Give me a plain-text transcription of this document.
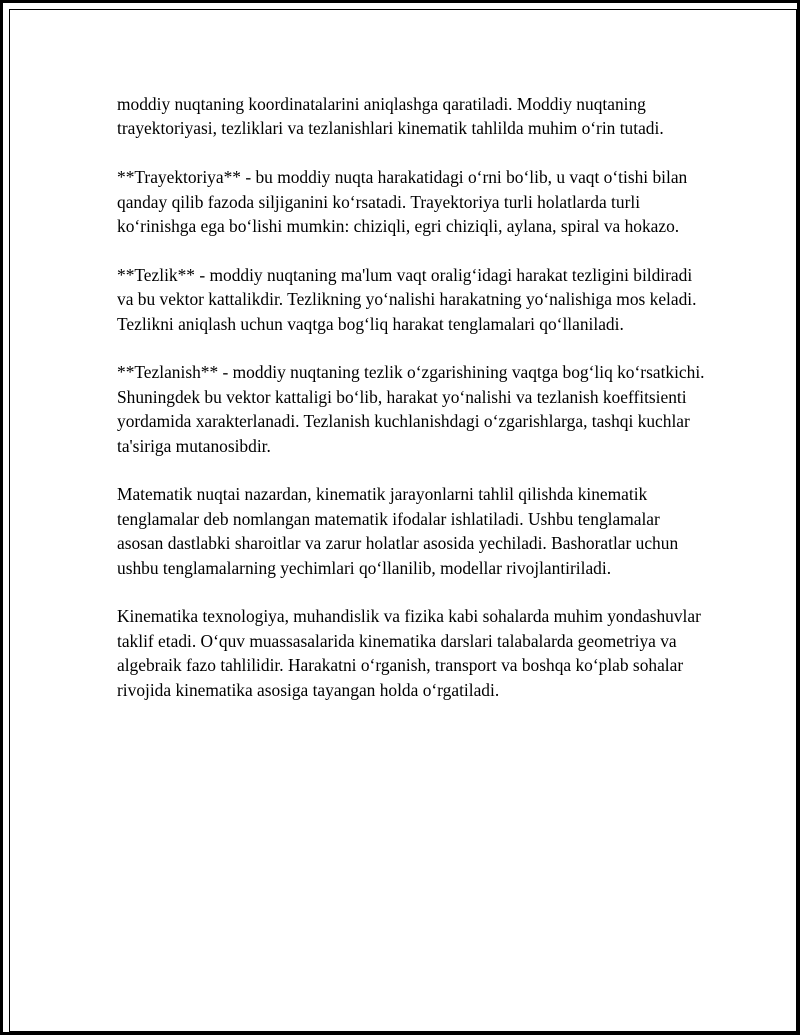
moddiy nuqtaning koordinatalarini aniqlashga qaratiladi. Moddiy nuqtaning trayektoriyasi, tezliklari va tezlanishlari kinematik tahlilda muhim o‘rin tutadi.

**Trayektoriya** - bu moddiy nuqta harakatidagi o‘rni bo‘lib, u vaqt o‘tishi bilan qanday qilib fazoda siljiganini ko‘rsatadi. Trayektoriya turli holatlarda turli ko‘rinishga ega bo‘lishi mumkin: chiziqli, egri chiziqli, aylana, spiral va hokazo.

**Tezlik** - moddiy nuqtaning ma'lum vaqt oralig‘idagi harakat tezligini bildiradi va bu vektor kattalikdir. Tezlikning yo‘nalishi harakatning yo‘nalishiga mos keladi. Tezlikni aniqlash uchun vaqtga bog‘liq harakat tenglamalari qo‘llaniladi.

**Tezlanish** - moddiy nuqtaning tezlik o‘zgarishining vaqtga bog‘liq ko‘rsatkichi. Shuningdek bu vektor kattaligi bo‘lib, harakat yo‘nalishi va tezlanish koeffitsienti yordamida xarakterlanadi. Tezlanish kuchlanishdagi o‘zgarishlarga, tashqi kuchlar ta'siriga mutanosibdir.

Matematik nuqtai nazardan, kinematik jarayonlarni tahlil qilishda kinematik tenglamalar deb nomlangan matematik ifodalar ishlatiladi. Ushbu tenglamalar asosan dastlabki sharoitlar va zarur holatlar asosida yechiladi. Bashoratlar uchun ushbu tenglamalarning yechimlari qo‘llanilib, modellar rivojlantiriladi.

Kinematika texnologiya, muhandislik va fizika kabi sohalarda muhim yondashuvlar taklif etadi. O‘quv muassasalarida kinematika darslari talabalarda geometriya va algebraik fazo tahlilidir. Harakatni o‘rganish, transport va boshqa ko‘plab sohalar rivojida kinematika asosiga tayangan holda o‘rgatiladi.
